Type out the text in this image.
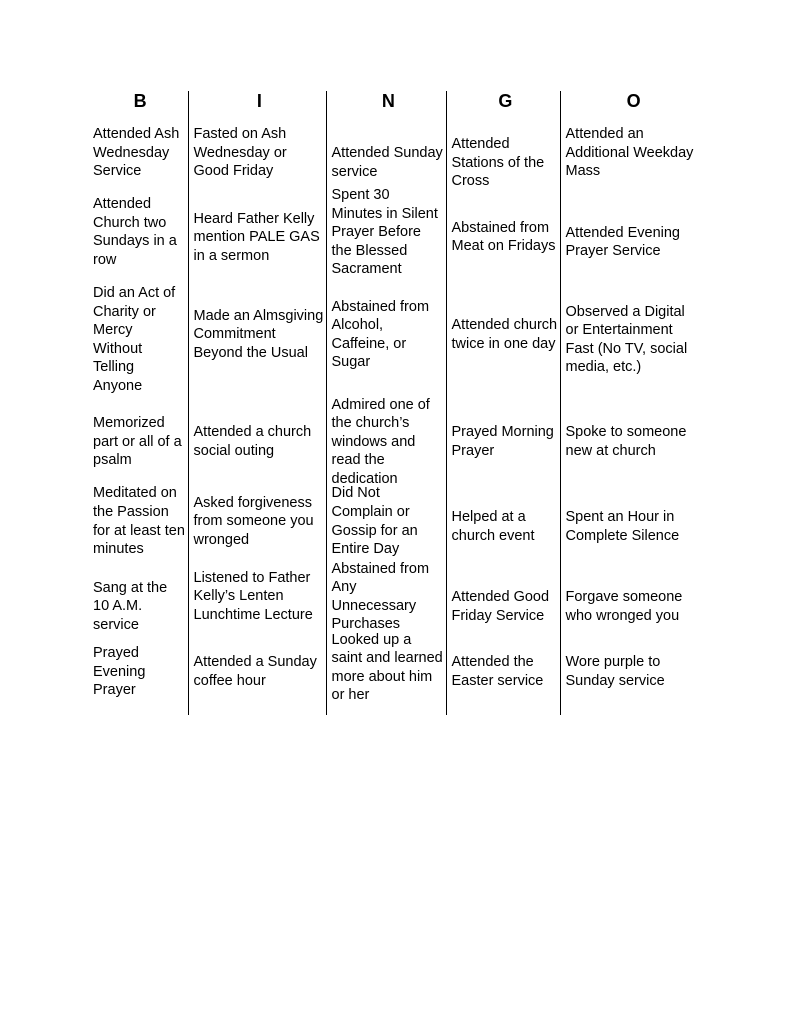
B	I	N	G	O

Attended Ash Wednesday Service	Fasted on Ash Wednesday or Good Friday	Attended Sunday service	Attended Stations of the Cross	Attended an Additional Weekday Mass

Attended Church two Sundays in a row	Heard Father Kelly mention PALE GAS in a sermon	Spent 30 Minutes in Silent Prayer Before the Blessed Sacrament	Abstained from Meat on Fridays	Attended Evening Prayer Service

Did an Act of Charity or Mercy Without Telling Anyone	Made an Almsgiving Commitment Beyond the Usual	Abstained from Alcohol, Caffeine, or Sugar	Attended church twice in one day	Observed a Digital or Entertainment Fast (No TV, social media, etc.)

Memorized part or all of a psalm	Attended a church social outing	Admired one of the church’s windows and read the dedication	Prayed Morning Prayer	Spoke to someone new at church

Meditated on the Passion for at least ten minutes	Asked forgiveness from someone you wronged	Did Not Complain or Gossip for an Entire Day	Helped at a church event	Spent an Hour in Complete Silence

Sang at the 10 A.M. service	Listened to Father Kelly’s Lenten Lunchtime Lecture	Abstained from Any Unnecessary Purchases	Attended Good Friday Service	Forgave someone who wronged you

Prayed Evening Prayer	Attended a Sunday coffee hour	Looked up a saint and learned more about him or her	Attended the Easter service	Wore purple to Sunday service
